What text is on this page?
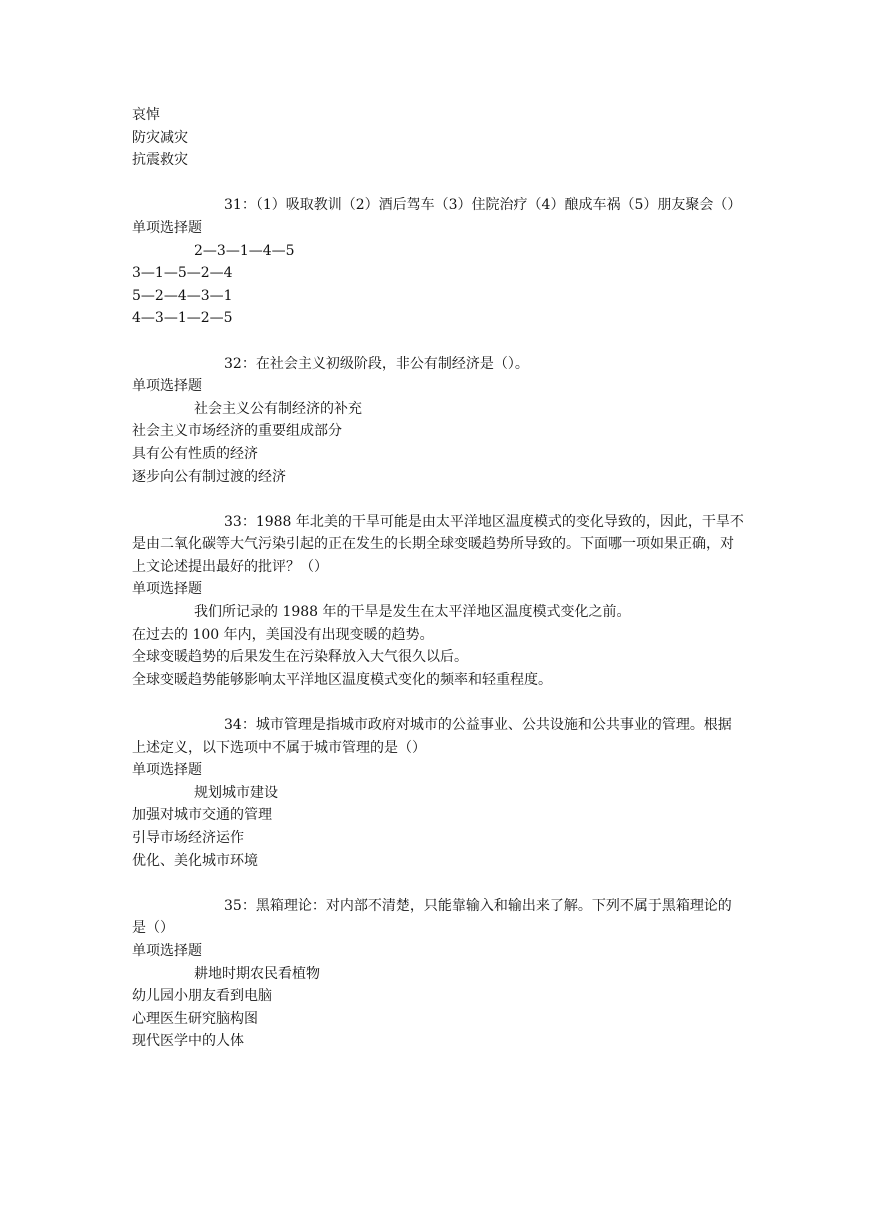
哀悼
防灾减灾
抗震救灾
31：（1）吸取教训（2）酒后驾车（3）住院治疗（4）酿成车祸（5）朋友聚会（）
单项选择题
2—3—1—4—5
3—1—5—2—4
5—2—4—3—1
4—3—1—2—5
32：在社会主义初级阶段，非公有制经济是（）。
单项选择题
社会主义公有制经济的补充
社会主义市场经济的重要组成部分
具有公有性质的经济
逐步向公有制过渡的经济
33：1988 年北美的干旱可能是由太平洋地区温度模式的变化导致的，因此，干旱不是由二氧化碳等大气污染引起的正在发生的长期全球变暖趋势所导致的。下面哪一项如果正确，对上文论述提出最好的批评？（）
单项选择题
我们所记录的 1988 年的干旱是发生在太平洋地区温度模式变化之前。
在过去的 100 年内，美国没有出现变暖的趋势。
全球变暖趋势的后果发生在污染释放入大气很久以后。
全球变暖趋势能够影响太平洋地区温度模式变化的频率和轻重程度。
34：城市管理是指城市政府对城市的公益事业、公共设施和公共事业的管理。根据上述定义，以下选项中不属于城市管理的是（）
单项选择题
规划城市建设
加强对城市交通的管理
引导市场经济运作
优化、美化城市环境
35：黑箱理论：对内部不清楚，只能靠输入和输出来了解。下列不属于黑箱理论的是（）
单项选择题
耕地时期农民看植物
幼儿园小朋友看到电脑
心理医生研究脑构图
现代医学中的人体
